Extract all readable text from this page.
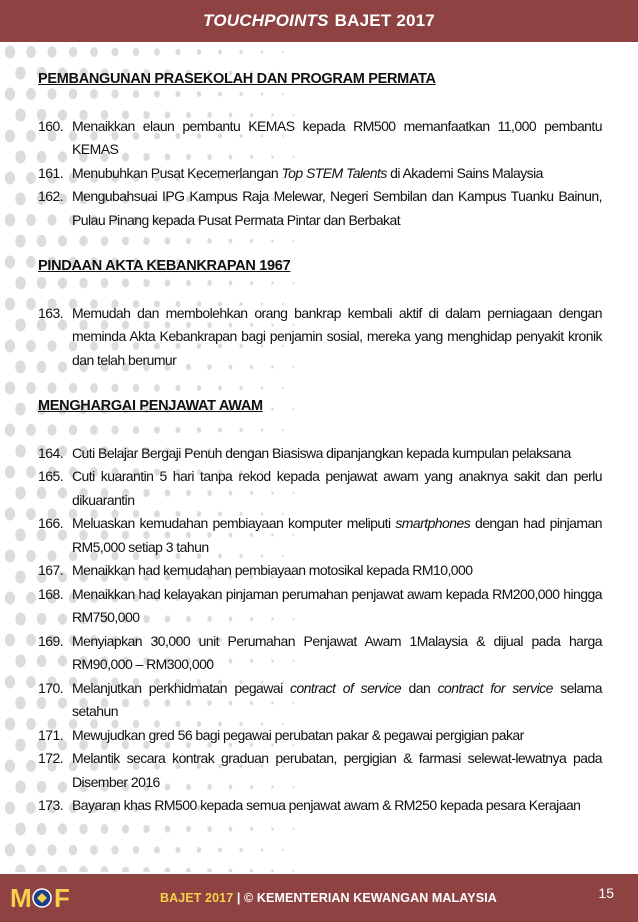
TOUCHPOINTS BAJET 2017
PEMBANGUNAN PRASEKOLAH DAN PROGRAM PERMATA
160. Menaikkan elaun pembantu KEMAS kepada RM500 memanfaatkan 11,000 pembantu KEMAS
161. Menubuhkan Pusat Kecemerlangan Top STEM Talents di Akademi Sains Malaysia
162. Mengubahsuai IPG Kampus Raja Melewar, Negeri Sembilan dan Kampus Tuanku Bainun, Pulau Pinang kepada Pusat Permata Pintar dan Berbakat
PINDAAN AKTA KEBANKRAPAN 1967
163. Memudah dan membolehkan orang bankrap kembali aktif di dalam perniagaan dengan meminda Akta Kebankrapan bagi penjamin sosial, mereka yang menghidap penyakit kronik dan telah berumur
MENGHARGAI PENJAWAT AWAM
164. Cuti Belajar Bergaji Penuh dengan Biasiswa dipanjangkan kepada kumpulan pelaksana
165. Cuti kuarantin 5 hari tanpa rekod kepada penjawat awam yang anaknya sakit dan perlu dikuarantin
166. Meluaskan kemudahan pembiayaan komputer meliputi smartphones dengan had pinjaman RM5,000 setiap 3 tahun
167. Menaikkan had kemudahan pembiayaan motosikal kepada RM10,000
168. Menaikkan had kelayakan pinjaman perumahan penjawat awam kepada RM200,000 hingga RM750,000
169. Menyiapkan 30,000 unit Perumahan Penjawat Awam 1Malaysia & dijual pada harga RM90,000 – RM300,000
170. Melanjutkan perkhidmatan pegawai contract of service dan contract for service selama setahun
171. Mewujudkan gred 56 bagi pegawai perubatan pakar & pegawai pergigian pakar
172. Melantik secara kontrak graduan perubatan, pergigian & farmasi selewat-lewatnya pada Disember 2016
173. Bayaran khas RM500 kepada semua penjawat awam & RM250 kepada pesara Kerajaan
M F	BAJET 2017 | © KEMENTERIAN KEWANGAN MALAYSIA	15
